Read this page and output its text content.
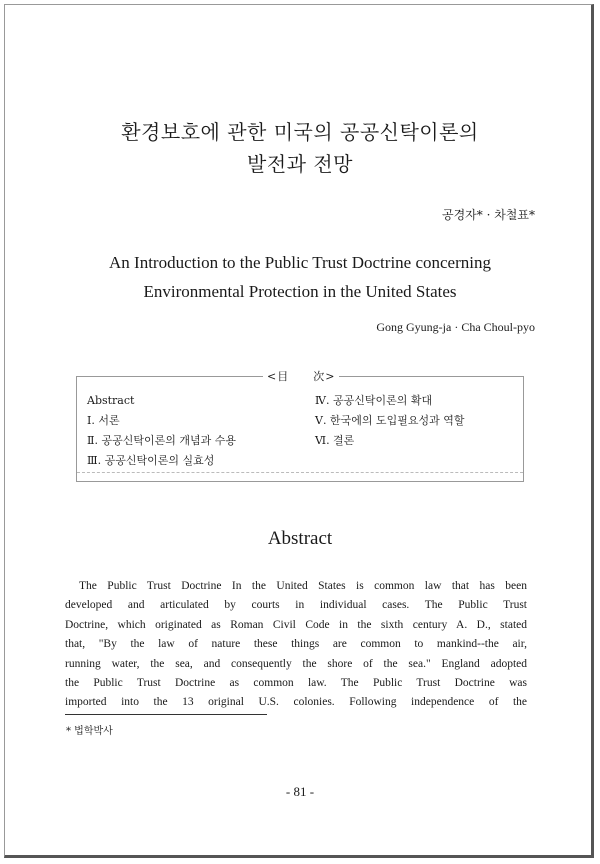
환경보호에 관한 미국의 공공신탁이론의
발전과 전망
공경자* · 차철표*
An Introduction to the Public Trust Doctrine concerning
Environmental Protection in the United States
Gong Gyung-ja · Cha Choul-pyo
<目　　次>
Abstract
Ⅰ. 서론
Ⅱ. 공공신탁이론의 개념과 수용
Ⅲ. 공공신탁이론의 실효성
Ⅳ. 공공신탁이론의 확대
Ⅴ. 한국에의 도입필요성과 역할
Ⅵ. 결론
Abstract
The Public Trust Doctrine In the United States is common law that has been
developed and articulated by courts in individual cases. The Public Trust
Doctrine, which originated as Roman Civil Code in the sixth century A. D., stated
that, "By the law of nature these things are common to mankind--the air,
running water, the sea, and consequently the shore of the sea." England adopted
the Public Trust Doctrine as common law. The Public Trust Doctrine was
imported into the 13 original U.S. colonies. Following independence of the
* 법학박사
- 81 -
